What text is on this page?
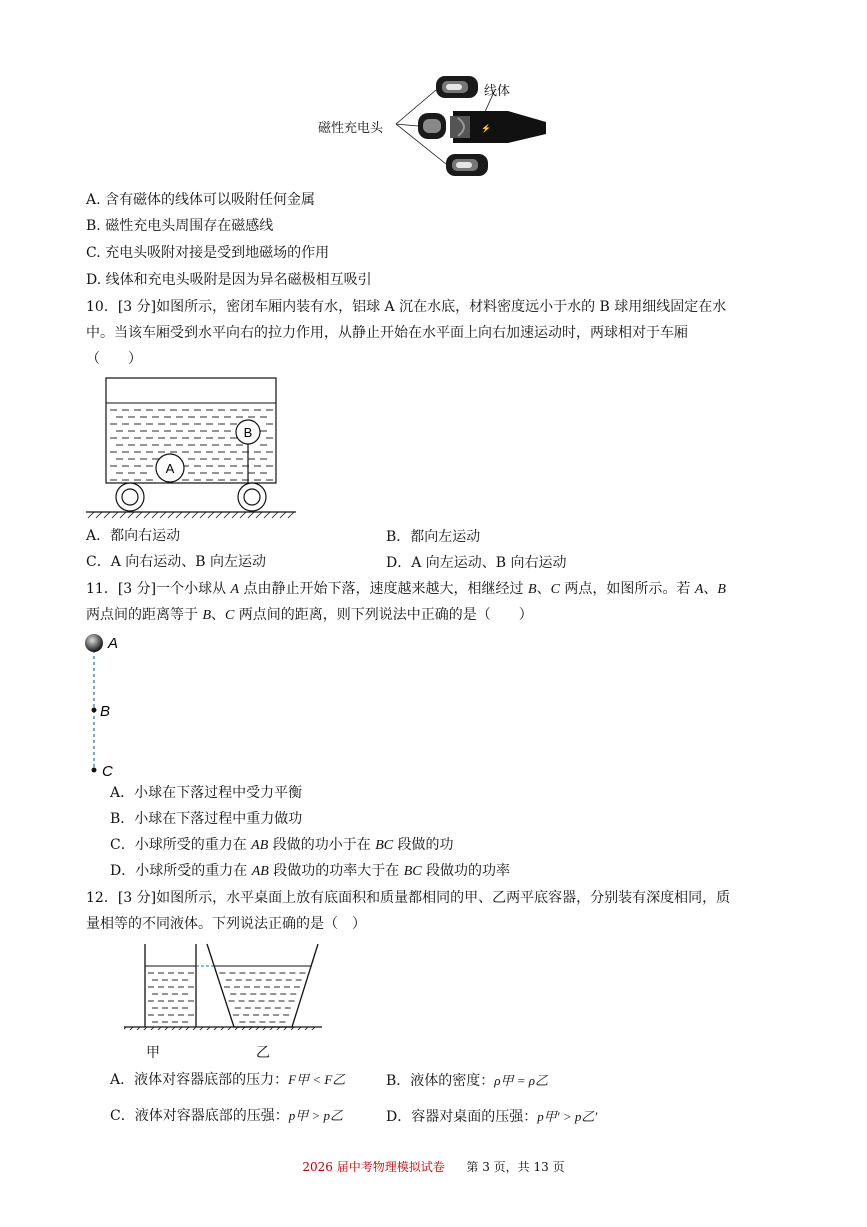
⚡
线体
磁性充电头
A. 含有磁体的线体可以吸附任何金属
B. 磁性充电头周围存在磁感线
C. 充电头吸附对接是受到地磁场的作用
D. 线体和充电头吸附是因为异名磁极相互吸引
10．[3 分]如图所示，密闭车厢内装有水，铝球 A 沉在水底，材料密度远小于水的 B 球用细线固定在水
中。当该车厢受到水平向右的拉力作用，从静止开始在水平面上向右加速运动时，两球相对于车厢
（　　）
B
A
A．都向右运动	B．都向左运动
C．A 向右运动、B 向左运动	D．A 向左运动、B 向右运动
11．[3 分]一个小球从 A 点由静止开始下落，速度越来越大，相继经过 B、C 两点，如图所示。若 A、B
两点间的距离等于 B、C 两点间的距离，则下列说法中正确的是（　　）
A
B
C
A．小球在下落过程中受力平衡
B．小球在下落过程中重力做功
C．小球所受的重力在 AB 段做的功小于在 BC 段做的功
D．小球所受的重力在 AB 段做功的功率大于在 BC 段做功的功率
12．[3 分]如图所示，水平桌面上放有底面积和质量都相同的甲、乙两平底容器，分别装有深度相同，质
量相等的不同液体。下列说法正确的是（　）
甲	乙
A．液体对容器底部的压力：F甲 < F乙	B．液体的密度：ρ甲 = ρ乙
C．液体对容器底部的压强：p甲 > p乙	D．容器对桌面的压强：p甲′ > p乙′
2026 届中考物理模拟试卷 第 3 页，共 13 页
